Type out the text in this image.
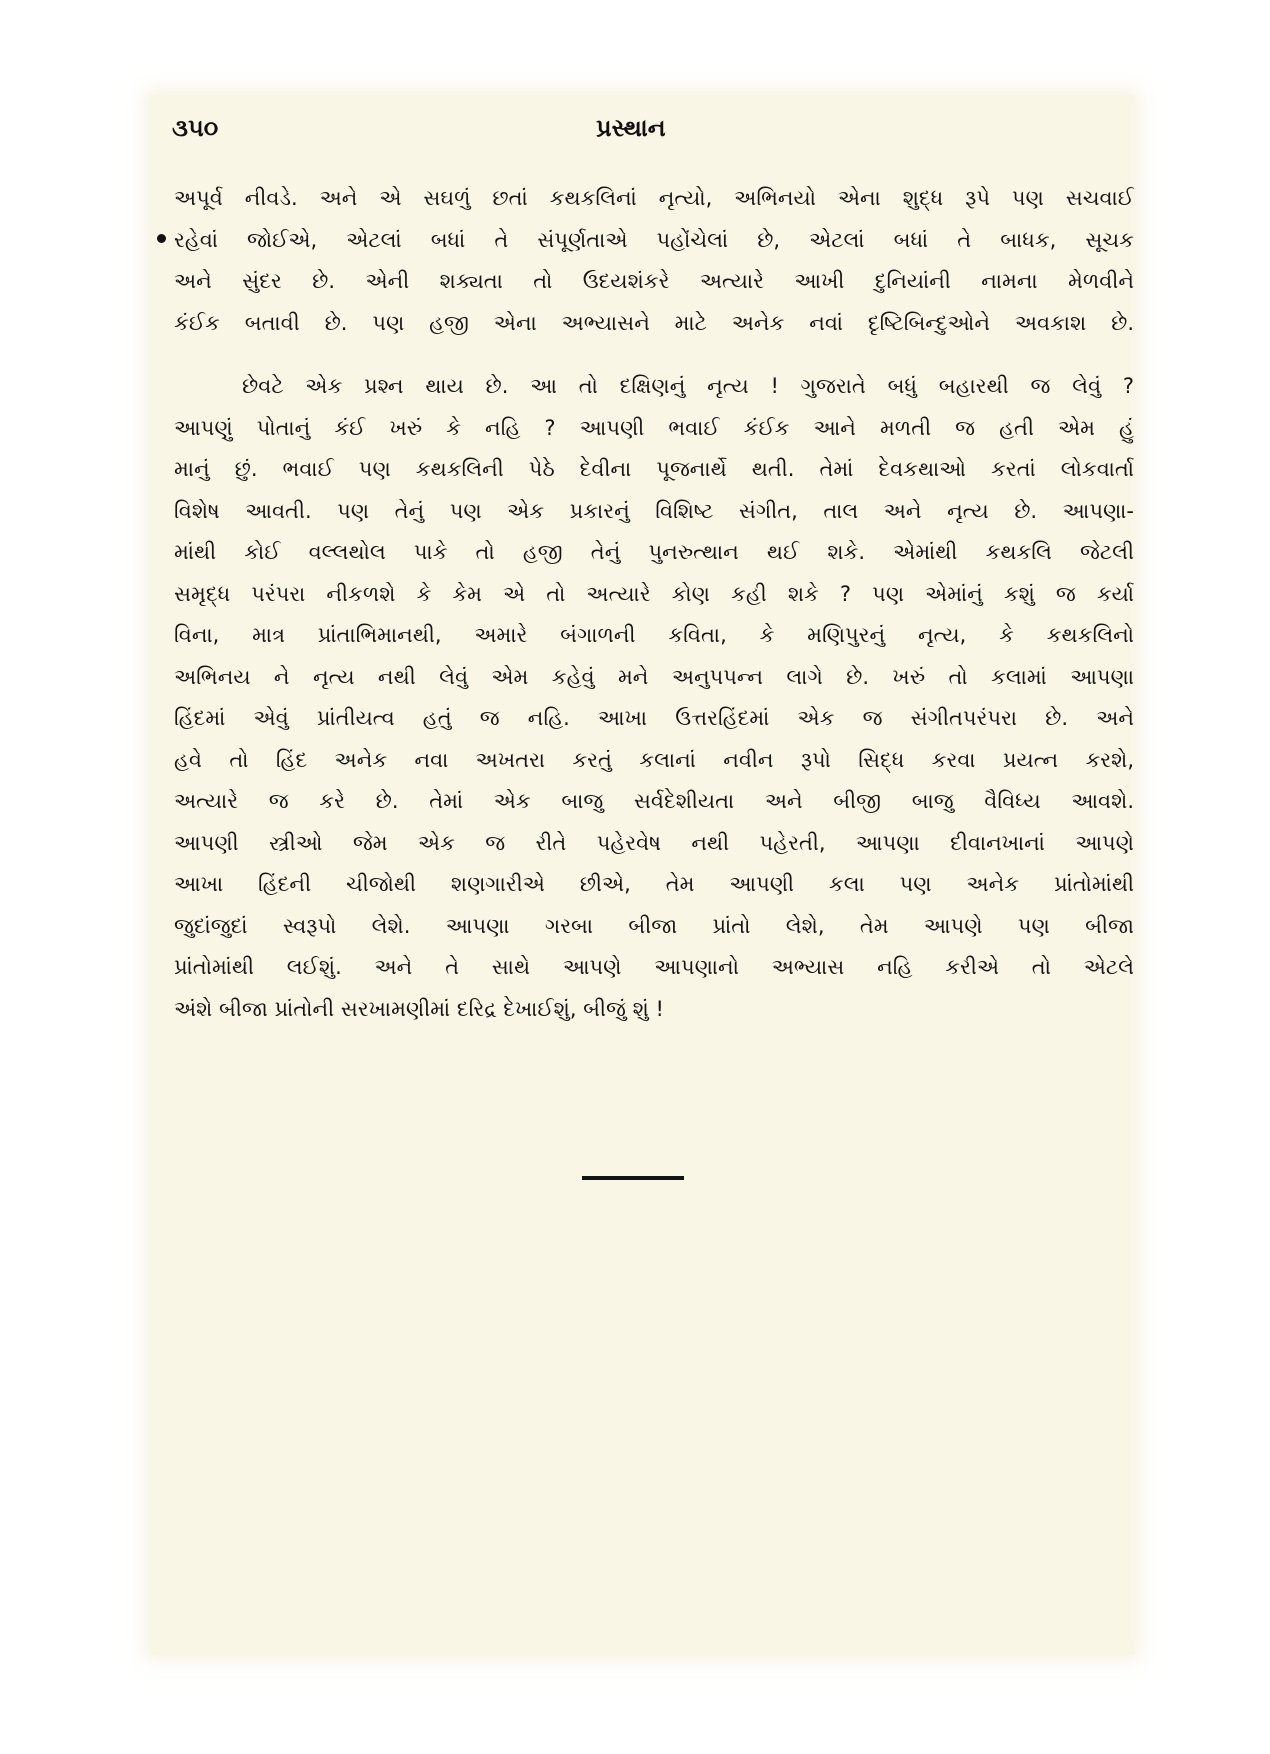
૩૫૦	પ્રસ્થાન
અપૂર્વ નીવડે. અને એ સઘળું છતાં કથકલિનાં નૃત્યો, અભિનયો એના શુદ્ધ રૂપે પણ સચવાઈ
રહેવાં જોઈએ, એટલાં બધાં તે સંપૂર્ણતાએ પહોંચેલાં છે, એટલાં બધાં તે બાધક, સૂચક
અને સુંદર છે. એની શક્યતા તો ઉદયશંકરે અત્યારે આખી દુનિયાંની નામના મેળવીને
કંઈક બતાવી છે. પણ હજી એના અભ્યાસને માટે અનેક નવાં દૃષ્ટિબિન્દુઓને અવકાશ છે.
છેવટે એક પ્રશ્ન થાય છે. આ તો દક્ષિણનું નૃત્ય ! ગુજરાતે બધું બહારથી જ લેવું ?
આપણું પોતાનું કંઈ ખરું કે નહિ ? આપણી ભવાઈ કંઈક આને મળતી જ હતી એમ હું
માનું છું. ભવાઈ પણ કથકલિની પેઠે દેવીના પૂજનાર્થે થતી. તેમાં દેવકથાઓ કરતાં લોકવાર્તા
વિશેષ આવતી. પણ તેનું પણ એક પ્રકારનું વિશિષ્ટ સંગીત, તાલ અને નૃત્ય છે. આપણા-
માંથી કોઈ વલ્લથોલ પાકે તો હજી તેનું પુનરુત્થાન થઈ શકે. એમાંથી કથકલિ જેટલી
સમૃદ્ધ પરંપરા નીકળશે કે કેમ એ તો અત્યારે કોણ કહી શકે ? પણ એમાંનું કશું જ કર્યા
વિના, માત્ર પ્રાંતાભિમાનથી, અમારે બંગાળની કવિતા, કે મણિપુરનું નૃત્ય, કે કથકલિનો
અભિનય ને નૃત્ય નથી લેવું એમ કહેવું મને અનુપપન્ન લાગે છે. ખરું તો કલામાં આપણા
હિંદમાં એવું પ્રાંતીયત્વ હતું જ નહિ. આખા ઉત્તરહિંદમાં એક જ સંગીતપરંપરા છે. અને
હવે તો હિંદ અનેક નવા અખતરા કરતું કલાનાં નવીન રૂપો સિદ્ધ કરવા પ્રયત્ન કરશે,
અત્યારે જ કરે છે. તેમાં એક બાજુ સર્વદેશીયતા અને બીજી બાજુ વૈવિધ્ય આવશે.
આપણી સ્ત્રીઓ જેમ એક જ રીતે પહેરવેષ નથી પહેરતી, આપણા દીવાનખાનાં આપણે
આખા હિંદની ચીજોથી શણગારીએ છીએ, તેમ આપણી કલા પણ અનેક પ્રાંતોમાંથી
જુદાંજુદાં સ્વરૂપો લેશે. આપણા ગરબા બીજા પ્રાંતો લેશે, તેમ આપણે પણ બીજા
પ્રાંતોમાંથી લઈશું. અને તે સાથે આપણે આપણાનો અભ્યાસ નહિ કરીએ તો એટલે
અંશે બીજા પ્રાંતોની સરખામણીમાં દરિદ્ર દેખાઈશું, બીજું શું !
